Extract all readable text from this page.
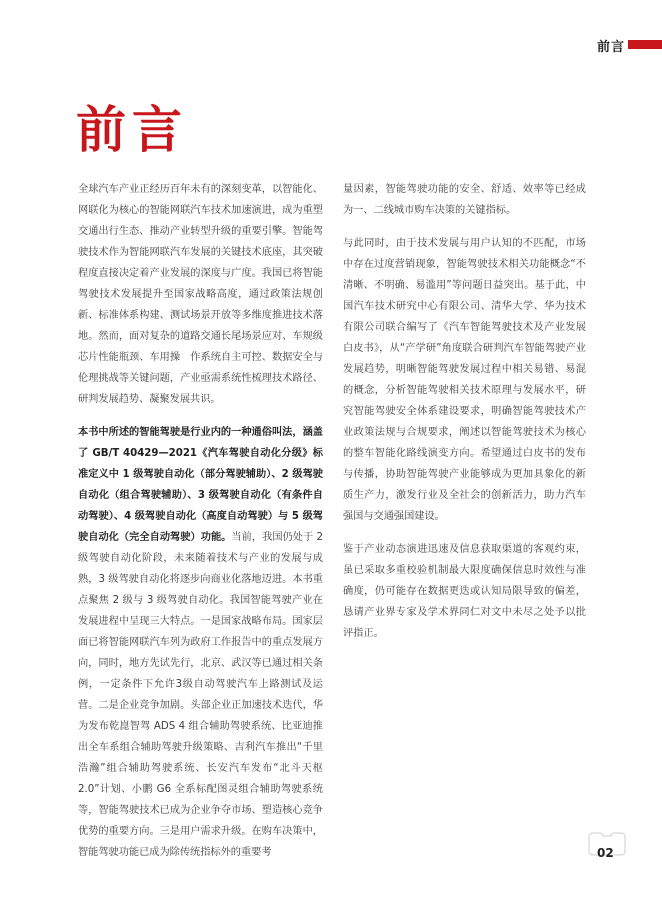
前言
前言

全球汽车产业正经历百年未有的深刻变革，以智能化、网联化为核心的智能网联汽车技术加速演进，成为重塑交通出行生态、推动产业转型升级的重要引擎。智能驾驶技术作为智能网联汽车发展的关键技术底座，其突破程度直接决定着产业发展的深度与广度。我国已将智能驾驶技术发展提升至国家战略高度，通过政策法规创新、标准体系构建、测试场景开放等多维度推进技术落地。然而，面对复杂的道路交通长尾场景应对、车规级芯片性能瓶颈、车用操　作系统自主可控、数据安全与伦理挑战等关键问题，产业亟需系统性梳理技术路径、研判发展趋势、凝聚发展共识。

本书中所述的智能驾驶是行业内的一种通俗叫法，涵盖了 GB/T 40429—2021《汽车驾驶自动化分级》标准定义中 1 级驾驶自动化（部分驾驶辅助）、2 级驾驶自动化（组合驾驶辅助）、3 级驾驶自动化（有条件自动驾驶）、4 级驾驶自动化（高度自动驾驶）与 5 级驾驶自动化（完全自动驾驶）功能。当前，我国仍处于 2 级驾驶自动化阶段，未来随着技术与产业的发展与成熟，3 级驾驶自动化将逐步向商业化落地迈进。本书重点聚焦 2 级与 3 级驾驶自动化。我国智能驾驶产业在发展进程中呈现三大特点。一是国家战略布局。国家层面已将智能网联汽车列为政府工作报告中的重点发展方向，同时，地方先试先行，北京、武汉等已通过相关条例，一定条件下允许3级自动驾驶汽车上路测试及运营。二是企业竞争加剧。头部企业正加速技术迭代，华为发布乾崑智驾 ADS 4 组合辅助驾驶系统、比亚迪推出全车系组合辅助驾驶升级策略、吉利汽车推出“千里浩瀚”组合辅助驾驶系统、长安汽车发布“北斗天枢 2.0”计划、小鹏 G6 全系标配图灵组合辅助驾驶系统等，智能驾驶技术已成为企业争夺市场、塑造核心竞争优势的重要方向。三是用户需求升级。在购车决策中，智能驾驶功能已成为除传统指标外的重要考

量因素，智能驾驶功能的安全、舒适、效率等已经成为一、二线城市购车决策的关键指标。

与此同时，由于技术发展与用户认知的不匹配，市场中存在过度营销现象，智能驾驶技术相关功能概念“不清晰、不明确、易滥用”等问题日益突出。基于此，中国汽车技术研究中心有限公司、清华大学、华为技术有限公司联合编写了《汽车智能驾驶技术及产业发展白皮书》，从“产学研”角度联合研判汽车智能驾驶产业发展趋势，明晰智能驾驶发展过程中相关易错、易混的概念，分析智能驾驶相关技术原理与发展水平，研究智能驾驶安全体系建设要求，明确智能驾驶技术产业政策法规与合规要求，阐述以智能驾驶技术为核心的整车智能化路线演变方向。希望通过白皮书的发布与传播，协助智能驾驶产业能够成为更加具象化的新质生产力，激发行业及全社会的创新活力，助力汽车强国与交通强国建设。

鉴于产业动态演进迅速及信息获取渠道的客观约束，虽已采取多重校验机制最大限度确保信息时效性与准确度，仍可能存在数据更迭或认知局限导致的偏差，恳请产业界专家及学术界同仁对文中未尽之处予以批评指正。

02
